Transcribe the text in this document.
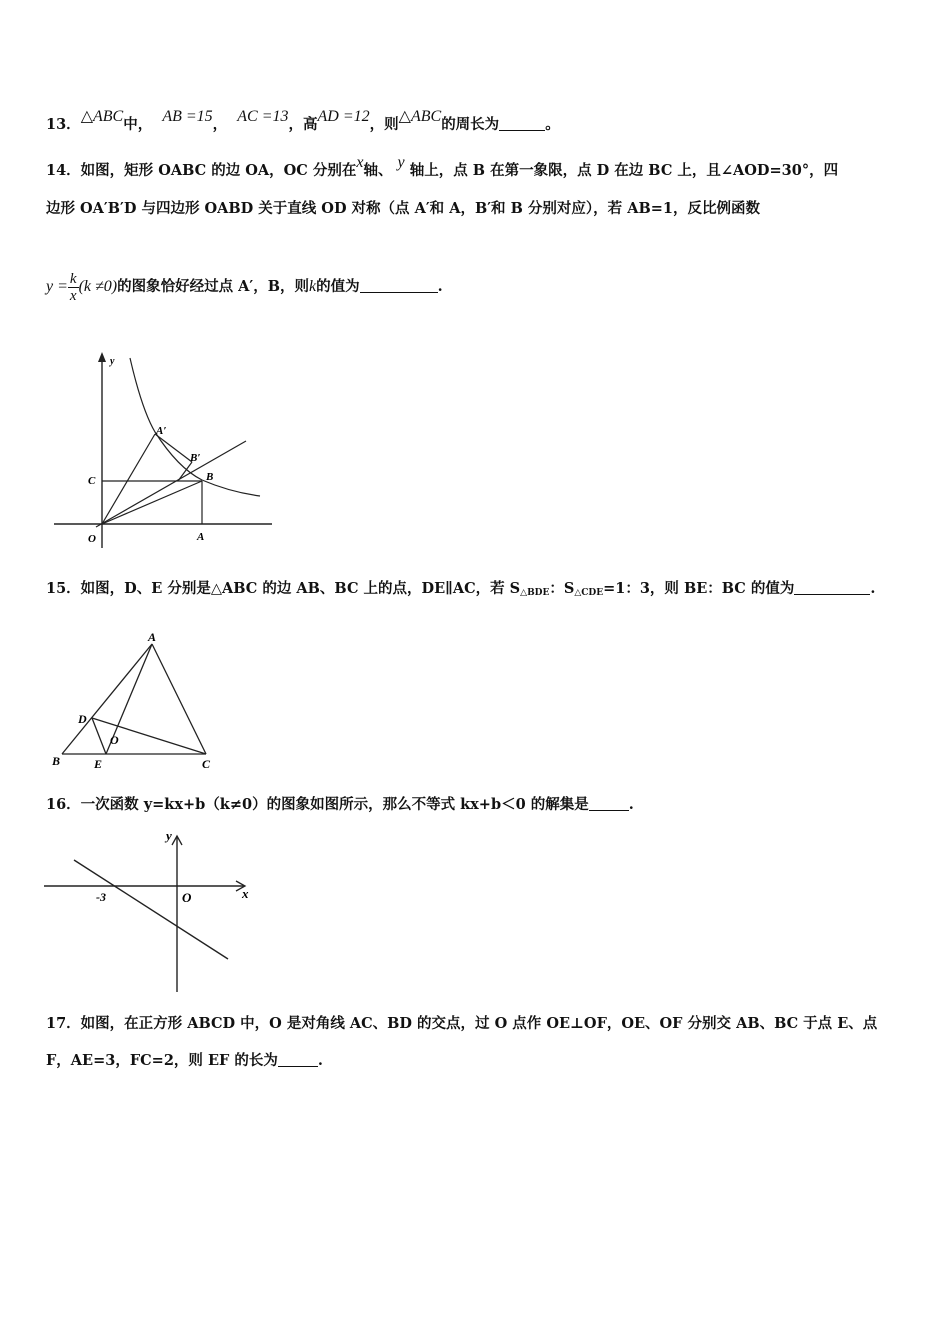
13．△ABC中， AB =15， AC =13，高AD =12，则△ABC的周长为	。
14．如图，矩形 OABC 的边 OA，OC 分别在x轴、 y 轴上，点 B 在第一象限，点 D 在边 BC 上，且∠AOD=30°，四
边形 OA′B′D 与四边形 OABD 关于直线 OD 对称（点 A′和 A，B′和 B 分别对应），若 AB=1，反比例函数
$y = \frac{k}{x} (k \ne 0)$的图象恰好经过点 A′，B，则k的值为	.
y
O	A
C	B
A′
B′
15．如图，D、E 分别是△ABC 的边 AB、BC 上的点，DE∥AC，若 $S_{\triangle BDE}$：$S_{\triangle CDE}=1$：3，则 BE：BC 的值为	.
A
B	C
D
E
O
16．一次函数 y=kx+b（k≠0）的图象如图所示，那么不等式 kx+b＜0 的解集是	.
y
x
O
-3
17．如图，在正方形 ABCD 中，O 是对角线 AC、BD 的交点，过 O 点作 OE⊥OF，OE、OF 分别交 AB、BC 于点 E、点
F，AE=3，FC=2，则 EF 的长为	.
